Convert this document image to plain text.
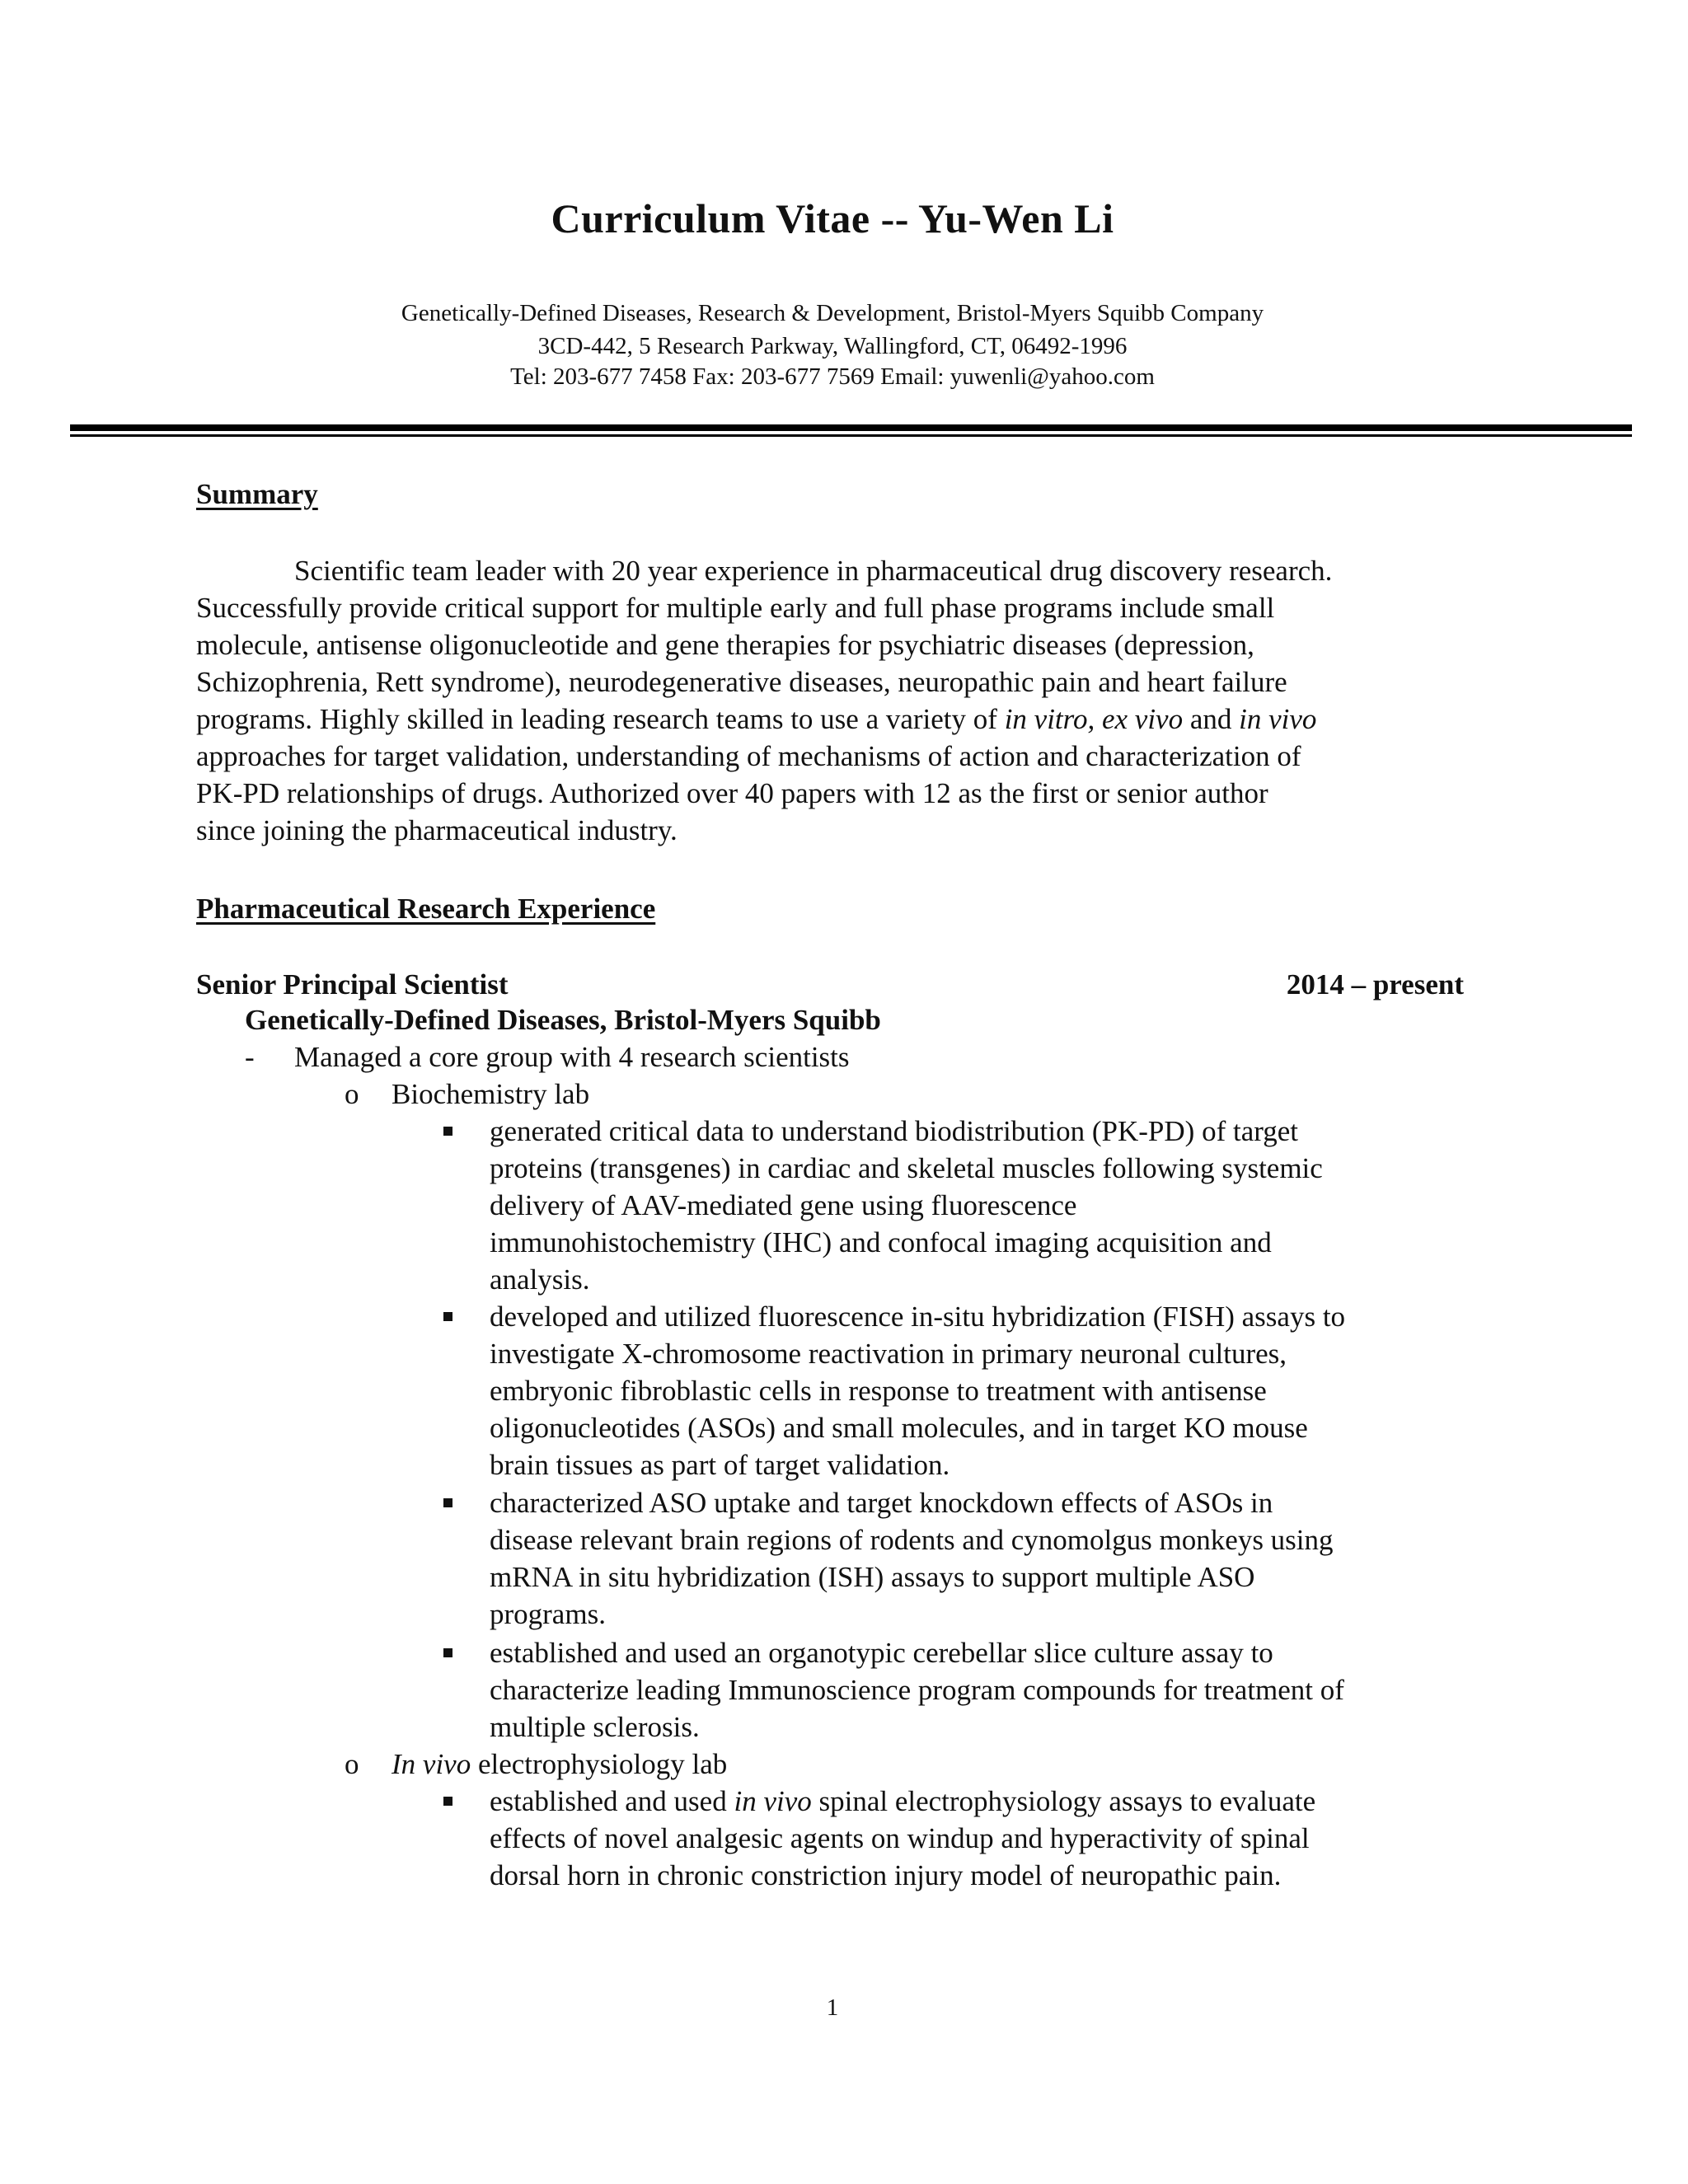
Curriculum Vitae -- Yu-Wen Li
Genetically-Defined Diseases, Research & Development, Bristol-Myers Squibb Company
3CD-442, 5 Research Parkway, Wallingford, CT, 06492-1996
Tel: 203-677 7458 Fax: 203-677 7569 Email: yuwenli@yahoo.com
Summary
Scientific team leader with 20 year experience in pharmaceutical drug discovery research.
Successfully provide critical support for multiple early and full phase programs include small
molecule, antisense oligonucleotide and gene therapies for psychiatric diseases (depression,
Schizophrenia, Rett syndrome), neurodegenerative diseases, neuropathic pain and heart failure
programs. Highly skilled in leading research teams to use a variety of in vitro, ex vivo and in vivo
approaches for target validation, understanding of mechanisms of action and characterization of
PK-PD relationships of drugs. Authorized over 40 papers with 12 as the first or senior author
since joining the pharmaceutical industry.
Pharmaceutical Research Experience
Senior Principal Scientist	2014 – present
Genetically-Defined Diseases, Bristol-Myers Squibb
- Managed a core group with 4 research scientists
o Biochemistry lab
generated critical data to understand biodistribution (PK-PD) of target
proteins (transgenes) in cardiac and skeletal muscles following systemic
delivery of AAV-mediated gene using fluorescence
immunohistochemistry (IHC) and confocal imaging acquisition and
analysis.
developed and utilized fluorescence in-situ hybridization (FISH) assays to
investigate X-chromosome reactivation in primary neuronal cultures,
embryonic fibroblastic cells in response to treatment with antisense
oligonucleotides (ASOs) and small molecules, and in target KO mouse
brain tissues as part of target validation.
characterized ASO uptake and target knockdown effects of ASOs in
disease relevant brain regions of rodents and cynomolgus monkeys using
mRNA in situ hybridization (ISH) assays to support multiple ASO
programs.
established and used an organotypic cerebellar slice culture assay to
characterize leading Immunoscience program compounds for treatment of
multiple sclerosis.
o In vivo electrophysiology lab
established and used in vivo spinal electrophysiology assays to evaluate
effects of novel analgesic agents on windup and hyperactivity of spinal
dorsal horn in chronic constriction injury model of neuropathic pain.
1
